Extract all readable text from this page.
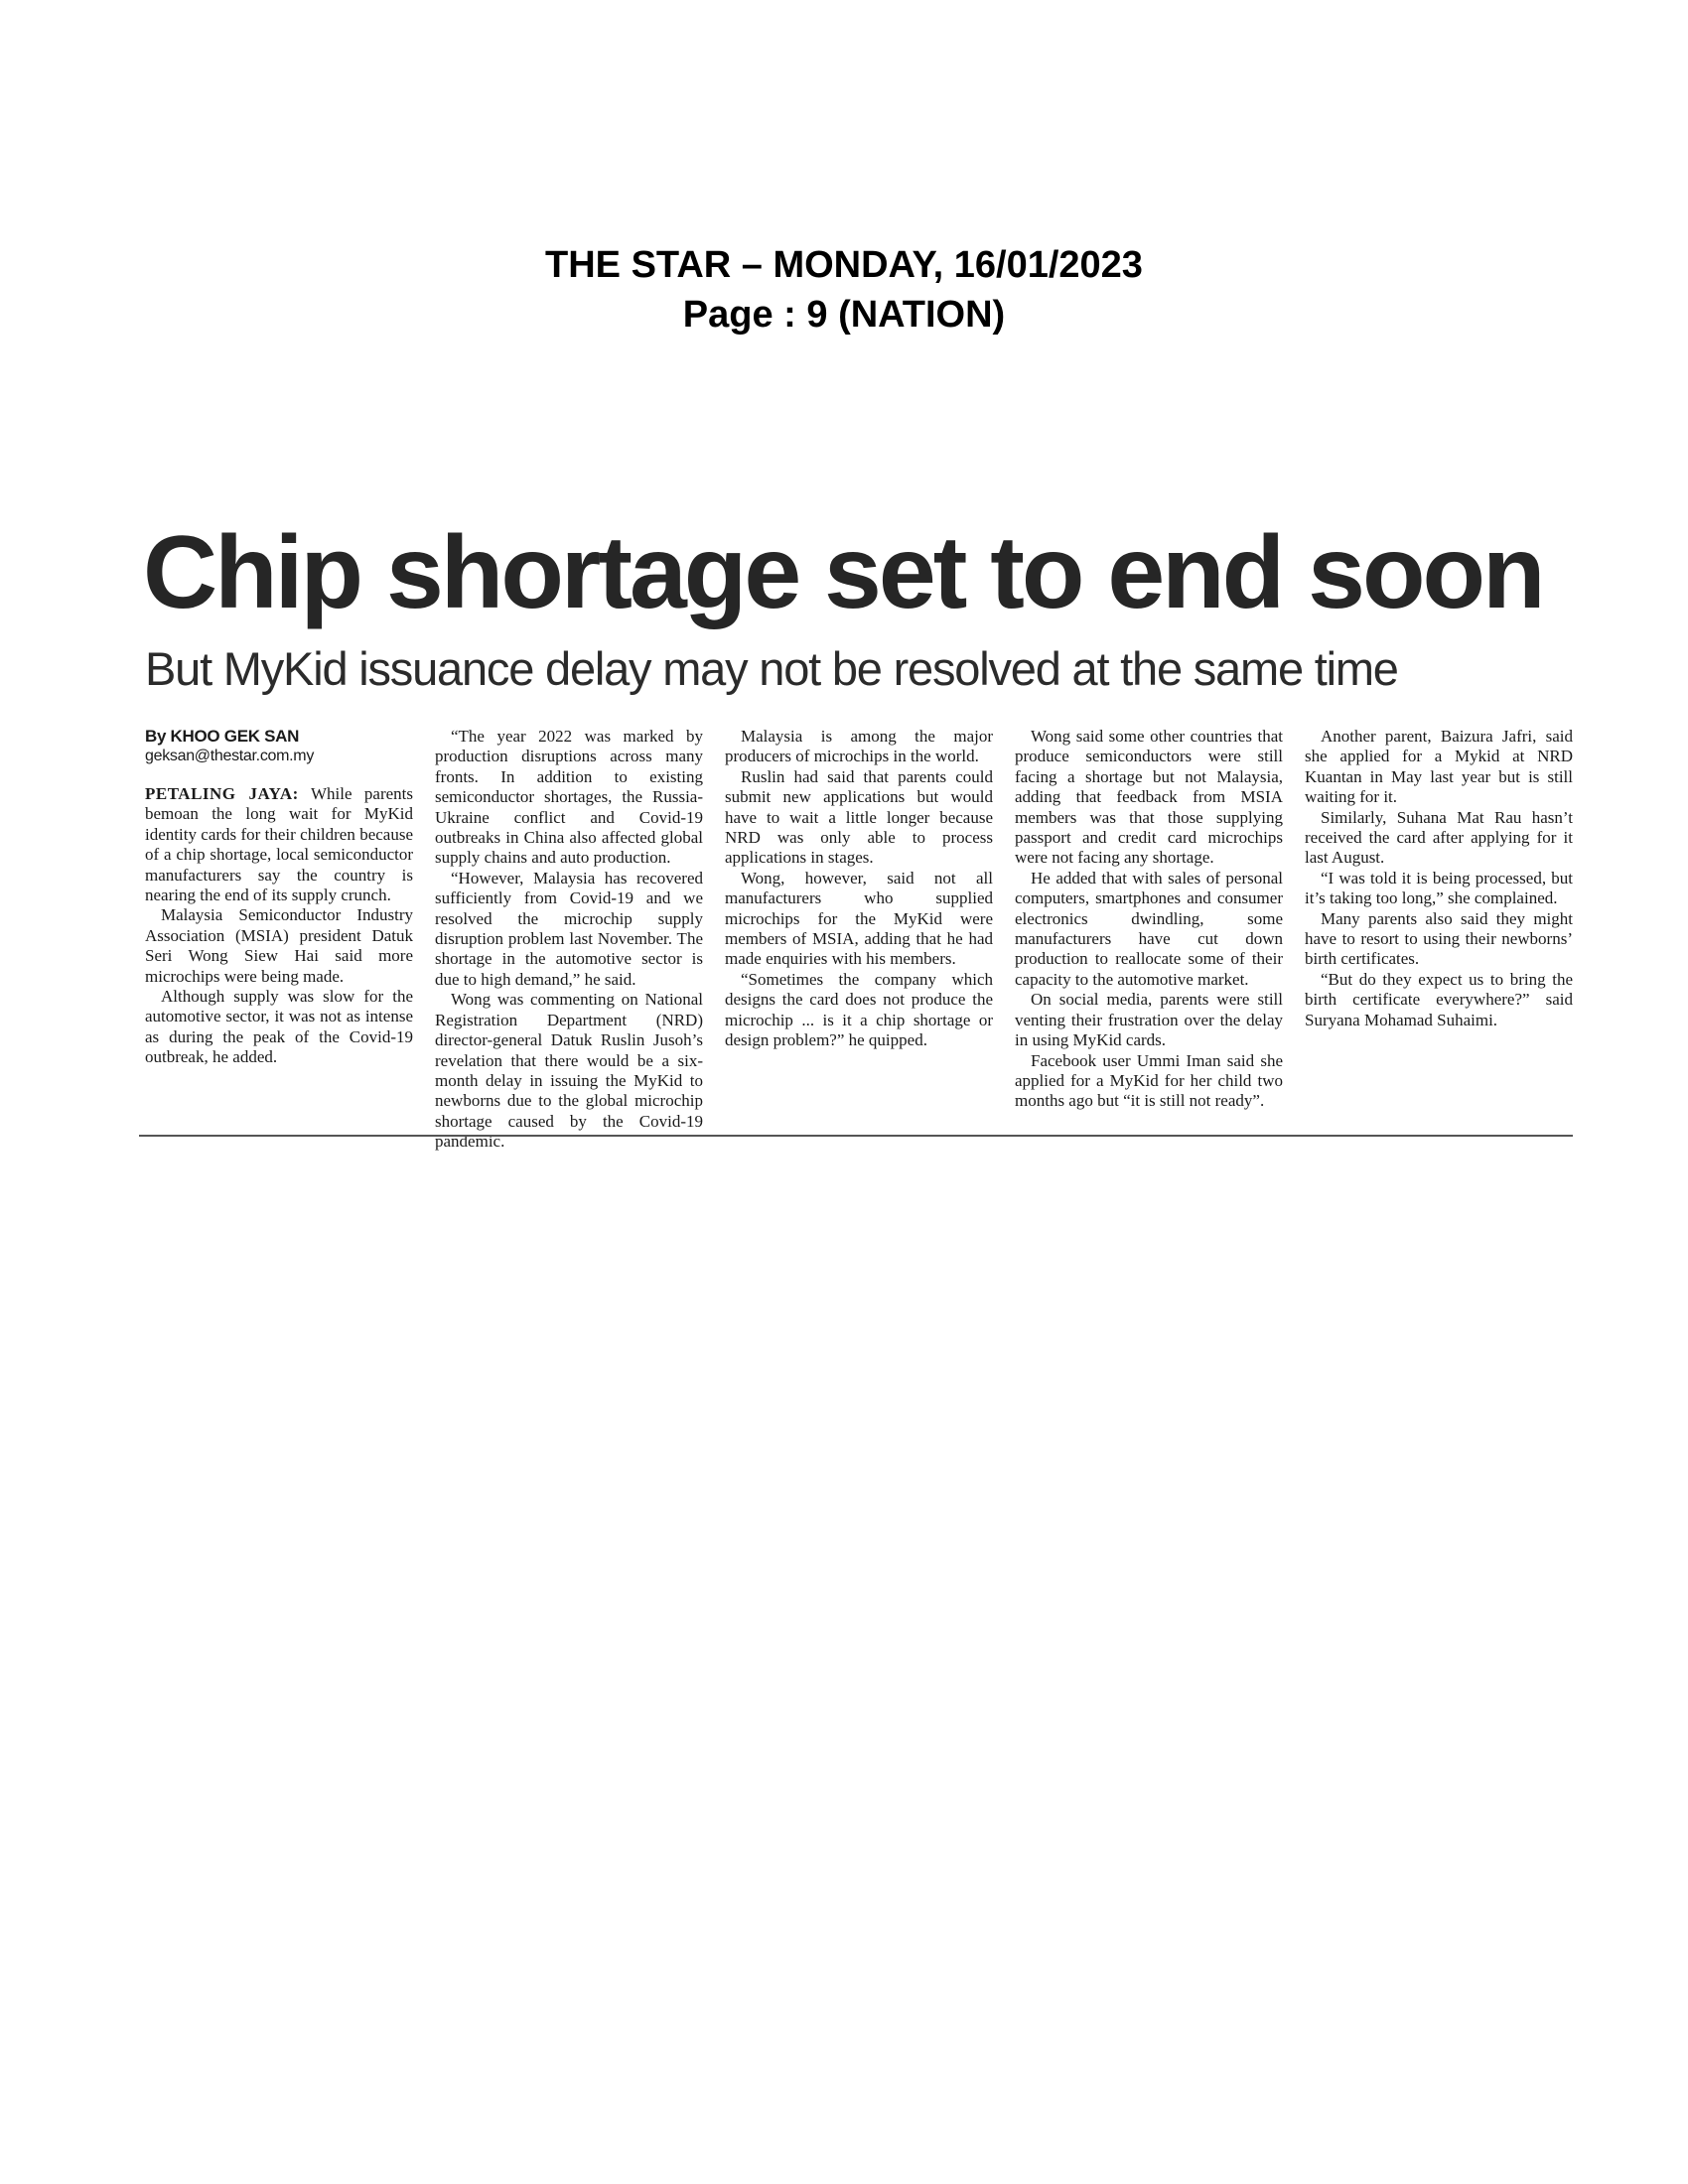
THE STAR – MONDAY, 16/01/2023
Page : 9 (NATION)
Chip shortage set to end soon
But MyKid issuance delay may not be resolved at the same time
By KHOO GEK SAN
geksan@thestar.com.my

PETALING JAYA: While parents bemoan the long wait for MyKid identity cards for their children because of a chip shortage, local semiconductor manufacturers say the country is nearing the end of its supply crunch.

Malaysia Semiconductor Industry Association (MSIA) president Datuk Seri Wong Siew Hai said more microchips were being made.

Although supply was slow for the automotive sector, it was not as intense as during the peak of the Covid-19 outbreak, he added.

“The year 2022 was marked by production disruptions across many fronts. In addition to existing semiconductor shortages, the Russia-Ukraine conflict and Covid-19 outbreaks in China also affected global supply chains and auto production.

“However, Malaysia has recovered sufficiently from Covid-19 and we resolved the microchip supply disruption problem last November. The shortage in the automotive sector is due to high demand,” he said.

Wong was commenting on National Registration Department (NRD) director-general Datuk Ruslin Jusoh’s revelation that there would be a six-month delay in issuing the MyKid to newborns due to the global microchip shortage caused by the Covid-19 pandemic.

Malaysia is among the major producers of microchips in the world.

Ruslin had said that parents could submit new applications but would have to wait a little longer because NRD was only able to process applications in stages.

Wong, however, said not all manufacturers who supplied microchips for the MyKid were members of MSIA, adding that he had made enquiries with his members.

“Sometimes the company which designs the card does not produce the microchip ... is it a chip shortage or design problem?” he quipped.

Wong said some other countries that produce semiconductors were still facing a shortage but not Malaysia, adding that feedback from MSIA members was that those supplying passport and credit card microchips were not facing any shortage.

He added that with sales of personal computers, smartphones and consumer electronics dwindling, some manufacturers have cut down production to reallocate some of their capacity to the automotive market.

On social media, parents were still venting their frustration over the delay in using MyKid cards.

Facebook user Ummi Iman said she applied for a MyKid for her child two months ago but “it is still not ready”.

Another parent, Baizura Jafri, said she applied for a Mykid at NRD Kuantan in May last year but is still waiting for it.

Similarly, Suhana Mat Rau hasn’t received the card after applying for it last August.

“I was told it is being processed, but it’s taking too long,” she complained.

Many parents also said they might have to resort to using their newborns’ birth certificates.

“But do they expect us to bring the birth certificate everywhere?” said Suryana Mohamad Suhaimi.
